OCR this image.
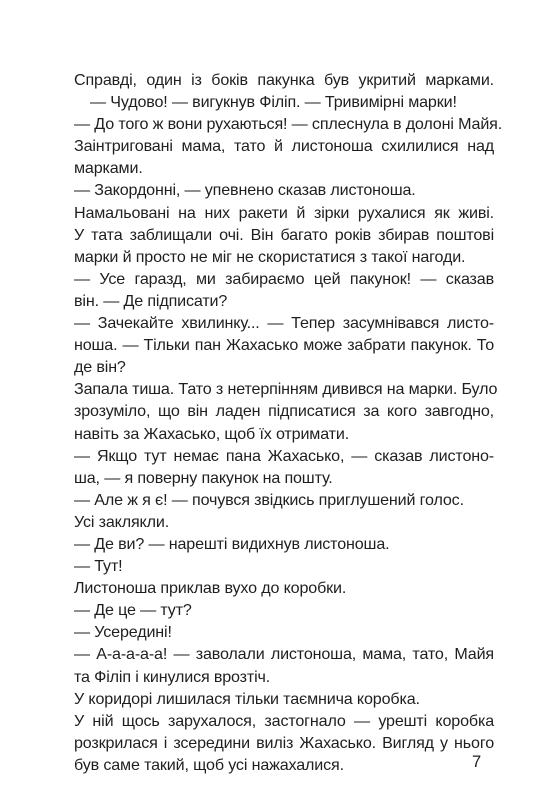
Справді, один із боків пакунка був укритий марками.
— Чудово! — вигукнув Філіп. — Тривимірні марки!
— До того ж вони рухаються! — сплеснула в долоні Майя.
Заінтриговані мама, тато й листоноша схилилися над
марками.
— Закордонні, — упевнено сказав листоноша.
Намальовані на них ракети й зірки рухалися як живі.
У тата заблищали очі. Він багато років збирав поштові
марки й просто не міг не скористатися з такої нагоди.
— Усе гаразд, ми забираємо цей пакунок! — сказав
він. — Де підписати?
— Зачекайте хвилинку... — Тепер засумнівався листо-
ноша. — Тільки пан Жахасько може забрати пакунок. То
де він?
Запала тиша. Тато з нетерпінням дивився на марки. Було
зрозуміло, що він ладен підписатися за кого завгодно,
навіть за Жахасько, щоб їх отримати.
— Якщо тут немає пана Жахасько, — сказав листоно-
ша, — я поверну пакунок на пошту.
— Але ж я є! — почувся звідкись приглушений голос.
Усі заклякли.
— Де ви? — нарешті видихнув листоноша.
— Тут!
Листоноша приклав вухо до коробки.
— Де це — тут?
— Усередині!
— А-а-а-а-а! — заволали листоноша, мама, тато, Майя
та Філіп і кинулися врозтіч.
У коридорі лишилася тільки таємнича коробка.
У ній щось зарухалося, застогнало — урешті коробка
розкрилася і зсередини виліз Жахасько. Вигляд у нього
був саме такий, щоб усі нажахалися.	7
